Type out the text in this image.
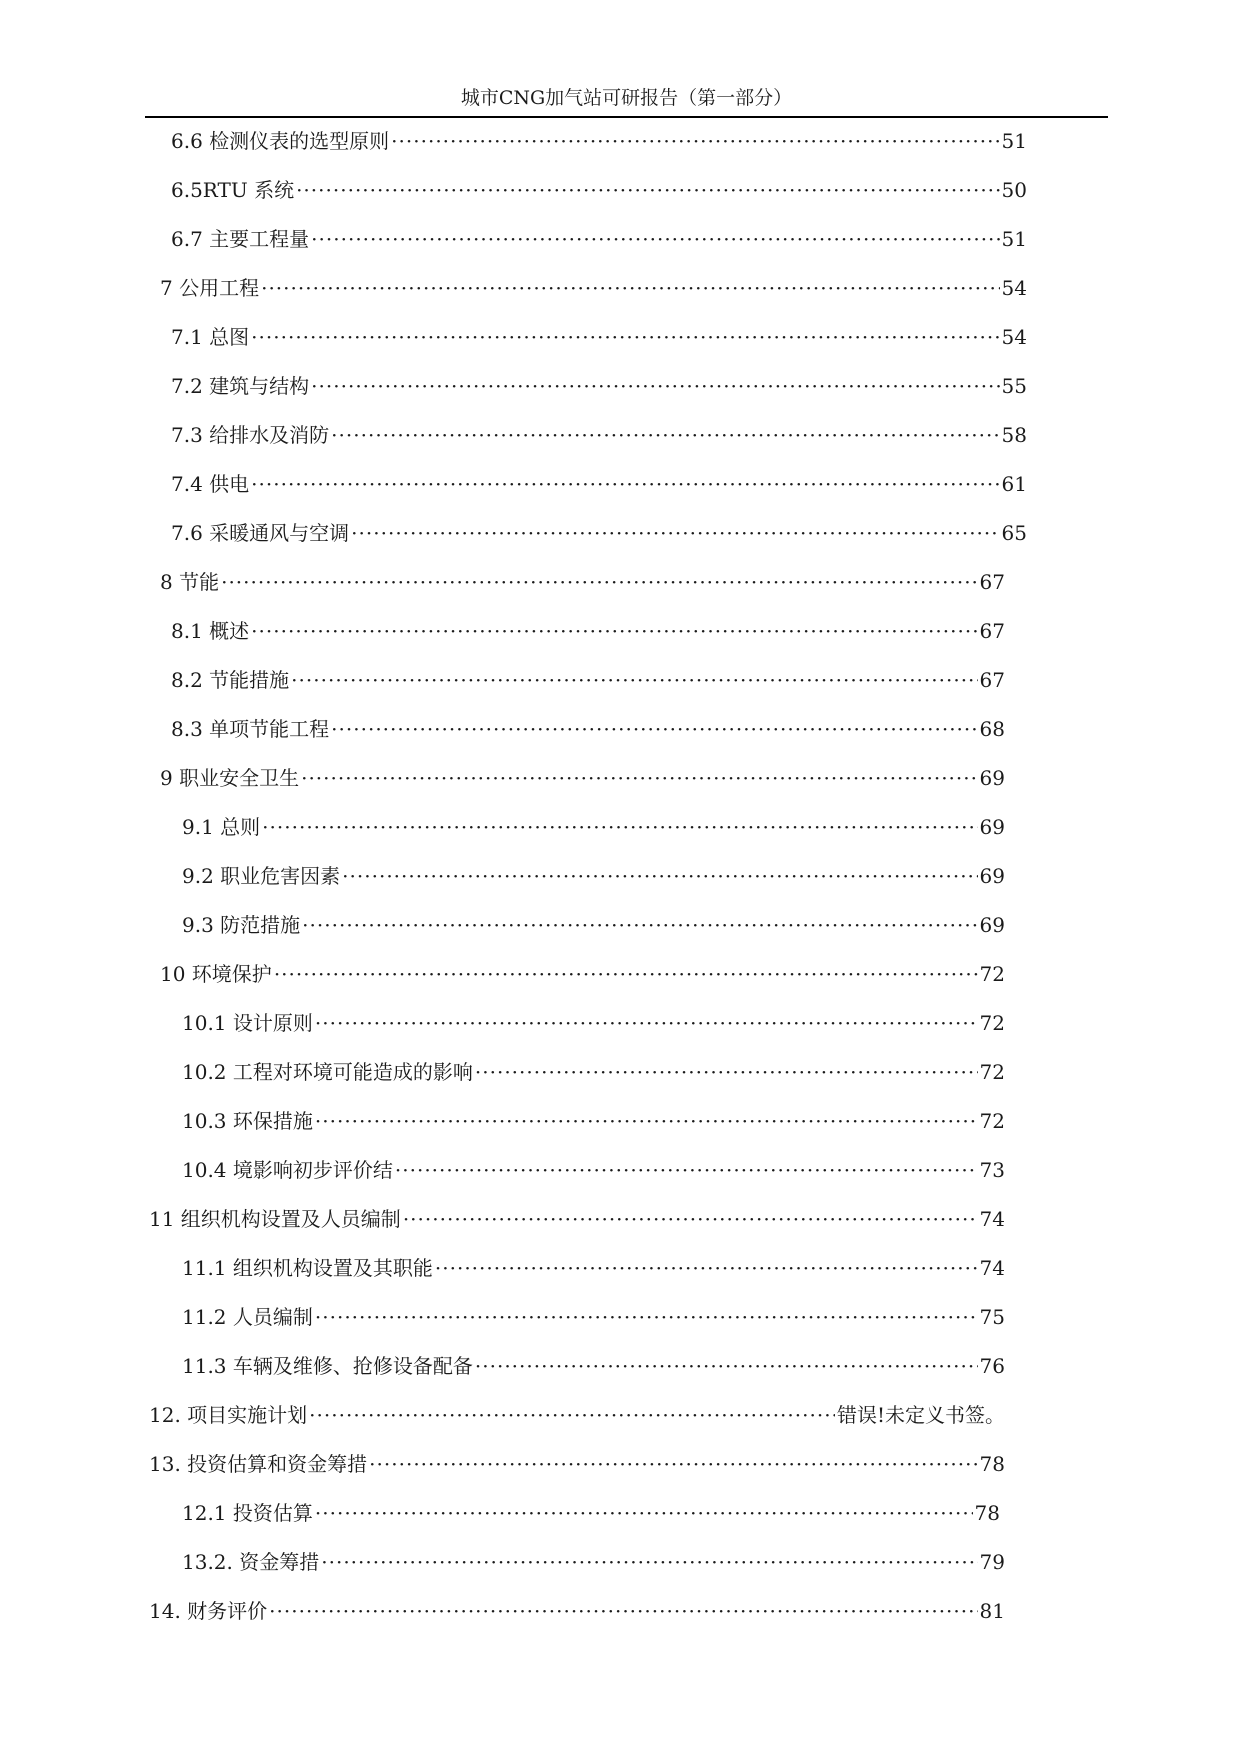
城市CNG加气站可研报告（第一部分）
6.6 检测仪表的选型原则 ·····	51
6.5RTU 系统 ·····	50
6.7 主要工程量 ·····	51
7 公用工程 ·····	54
7.1 总图 ·····	54
7.2 建筑与结构 ·····	55
7.3 给排水及消防 ·····	58
7.4 供电 ·····	61
7.6 采暖通风与空调 ·····	65
8 节能 ·····	67
8.1 概述 ·····	67
8.2 节能措施 ·····	67
8.3 单项节能工程 ·····	68
9 职业安全卫生 ·····	69
9.1 总则 ·····	69
9.2 职业危害因素 ·····	69
9.3 防范措施 ·····	69
10 环境保护 ·····	72
10.1 设计原则 ·····	72
10.2 工程对环境可能造成的影响 ·····	72
10.3 环保措施 ·····	72
10.4 境影响初步评价结 ·····	73
11 组织机构设置及人员编制 ·····	74
11.1 组织机构设置及其职能 ·····	74
11.2 人员编制 ·····	75
11.3 车辆及维修、抢修设备配备 ·····	76
12. 项目实施计划 ·····	错误!未定义书签。
13. 投资估算和资金筹措 ·····	78
12.1 投资估算 ·····	78
13.2. 资金筹措 ·····	79
14. 财务评价 ·····	81
